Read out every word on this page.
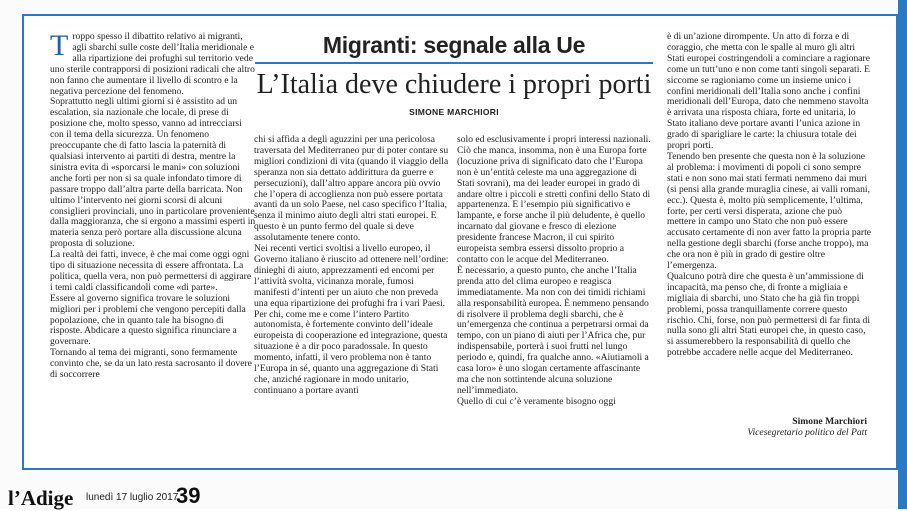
T roppo spesso il dibattito relativo ai migranti, agli sbarchi sulle coste dell’Italia meridionale e alla ripartizione dei profughi sul territorio vede uno sterile contrapporsi di posizioni radicali che altro non fanno che aumentare il livello di scontro e la negativa percezione del fenomeno.

Soprattutto negli ultimi giorni si è assistito ad un escalation, sia nazionale che locale, di prese di posizione che, molto spesso, vanno ad intrecciarsi con il tema della sicurezza. Un fenomeno preoccupante che di fatto lascia la paternità di qualsiasi intervento ai partiti di destra, mentre la sinistra evita di «sporcarsi le mani» con soluzioni anche forti per non si sa quale infondato timore di passare troppo dall’altra parte della barricata. Non ultimo l’intervento nei giorni scorsi di alcuni consiglieri provinciali, uno in particolare proveniente dalla maggioranza, che si ergono a massimi esperti in materia senza però portare alla discussione alcuna proposta di soluzione.

La realtà dei fatti, invece, è che mai come oggi ogni tipo di situazione necessita di essere affrontata. La politica, quella vera, non può permettersi di aggirare i temi caldi classificandoli come «di parte».

Essere al governo significa trovare le soluzioni migliori per i problemi che vengono percepiti dalla popolazione, che in quanto tale ha bisogno di risposte. Abdicare a questo significa rinunciare a governare.

Tornando al tema dei migranti, sono fermamente convinto che, se da un lato resta sacrosanto il dovere di soccorrere

Migranti: segnale alla Ue
L’Italia deve chiudere i propri porti
SIMONE MARCHIORI

chi si affida a degli aguzzini per una pericolosa traversata del Mediterraneo pur di poter contare su migliori condizioni di vita (quando il viaggio della speranza non sia dettato addirittura da guerre e persecuzioni), dall’altro appare ancora più ovvio che l’opera di accoglienza non può essere portata avanti da un solo Paese, nel caso specifico l’Italia, senza il minimo aiuto degli altri stati europei. E questo è un punto fermo del quale si deve assolutamente tenere conto.

Nei recenti vertici svoltisi a livello europeo, il Governo italiano è riuscito ad ottenere nell’ordine: dinieghi di aiuto, apprezzamenti ed encomi per l’attività svolta, vicinanza morale, fumosi manifesti d’intenti per un aiuto che non preveda una equa ripartizione dei profughi fra i vari Paesi.

Per chi, come me e come l’intero Partito autonomista, è fortemente convinto dell’ideale europeista di cooperazione ed integrazione, questa situazione è a dir poco paradossale. In questo momento, infatti, il vero problema non è tanto l’Europa in sé, quanto una aggregazione di Stati che, anziché ragionare in modo unitario, continuano a portare avanti

solo ed esclusivamente i propri interessi nazionali. Ciò che manca, insomma, non è una Europa forte (locuzione priva di significato dato che l’Europa non è un’entità celeste ma una aggregazione di Stati sovrani), ma dei leader europei in grado di andare oltre i piccoli e stretti confini dello Stato di appartenenza. E l’esempio più significativo e lampante, e forse anche il più deludente, è quello incarnato dal giovane e fresco di elezione presidente francese Macron, il cui spirito europeista sembra essersi dissolto proprio a contatto con le acque del Mediterraneo.

È necessario, a questo punto, che anche l’Italia prenda atto del clima europeo e reagisca immediatamente. Ma non con dei timidi richiami alla responsabilità europea. È nemmeno pensando di risolvere il problema degli sbarchi, che è un’emergenza che continua a perpetrarsi ormai da tempo, con un piano di aiuti per l’Africa che, pur indispensabile, porterà i suoi frutti nel lungo periodo e, quindi, fra qualche anno. «Aiutiamoli a casa loro» è uno slogan certamente affascinante ma che non sottintende alcuna soluzione nell’immediato.

Quello di cui c’è veramente bisogno oggi

è di un’azione dirompente. Un atto di forza e di coraggio, che metta con le spalle al muro gli altri Stati europei costringendoli a cominciare a ragionare come un tutt’uno e non come tanti singoli separati. E siccome se ragioniamo come un insieme unico i confini meridionali dell’Italia sono anche i confini meridionali dell’Europa, dato che nemmeno stavolta è arrivata una risposta chiara, forte ed unitaria, lo Stato italiano deve portare avanti l’unica azione in grado di sparigliare le carte: la chiusura totale dei propri porti.

Tenendo ben presente che questa non è la soluzione al problema: i movimenti di popoli ci sono sempre stati e non sono mai stati fermati nemmeno dai muri (si pensi alla grande muraglia cinese, ai valli romani, ecc.). Questa è, molto più semplicemente, l’ultima, forte, per certi versi disperata, azione che può mettere in campo uno Stato che non può essere accusato certamente di non aver fatto la propria parte nella gestione degli sbarchi (forse anche troppo), ma che ora non è più in grado di gestire oltre l’emergenza.

Qualcuno potrà dire che questa è un’ammissione di incapacità, ma penso che, di fronte a migliaia e migliaia di sbarchi, uno Stato che ha già fin troppi problemi, possa tranquillamente correre questo rischio. Chi, forse, non può permettersi di far finta di nulla sono gli altri Stati europei che, in questo caso, si assumerebbero la responsabilità di quello che potrebbe accadere nelle acque del Mediterraneo.

Simone Marchiori
Vicesegretario politico del Patt
l’Adige lunedì 17 luglio 2017
39
